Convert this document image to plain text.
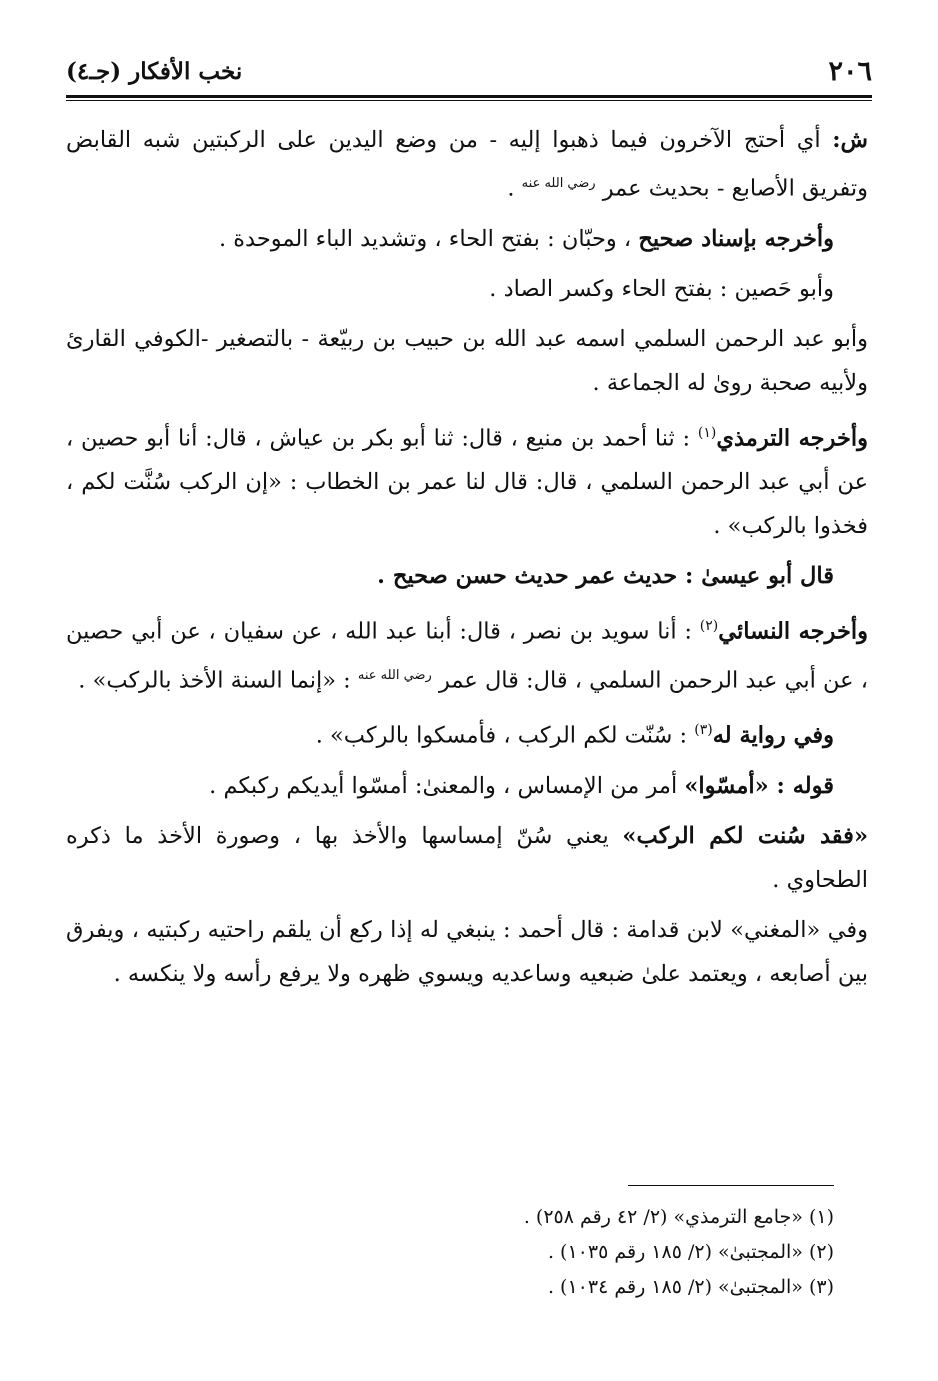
٢٠٦
نخب الأفكار (جـ٤)

ش: أي أحتج الآخرون فيما ذهبوا إليه - من وضع اليدين على الركبتين شبه القابض وتفريق الأصابع - بحديث عمر $^{رضي الله عنه}$ .

وأخرجه بإسناد صحيح ، وحبّان : بفتح الحاء ، وتشديد الباء الموحدة .

وأبو حَصين : بفتح الحاء وكسر الصاد .

وأبو عبد الرحمن السلمي اسمه عبد الله بن حبيب بن ربيّعة - بالتصغير -الكوفي القارئ ولأبيه صحبة روىٰ له الجماعة .

وأخرجه الترمذي$^{(١)}$ : ثنا أحمد بن منيع ، قال: ثنا أبو بكر بن عياش ، قال: أنا أبو حصين ، عن أبي عبد الرحمن السلمي ، قال: قال لنا عمر بن الخطاب : «إن الركب سُنَّت لكم ، فخذوا بالركب» .

قال أبو عيسىٰ : حديث عمر حديث حسن صحيح .

وأخرجه النسائي$^{(٢)}$ : أنا سويد بن نصر ، قال: أبنا عبد الله ، عن سفيان ، عن أبي حصين ، عن أبي عبد الرحمن السلمي ، قال: قال عمر $^{رضي الله عنه}$ : «إنما السنة الأخذ بالركب» .

وفي رواية له$^{(٣)}$ : سُنّت لكم الركب ، فأمسكوا بالركب» .

قوله : «أمسّوا» أمر من الإمساس ، والمعنىٰ: أمسّوا أيديكم ركبكم .

«فقد سُنت لكم الركب» يعني سُنّ إمساسها والأخذ بها ، وصورة الأخذ ما ذكره الطحاوي .

وفي «المغني» لابن قدامة : قال أحمد : ينبغي له إذا ركع أن يلقم راحتيه ركبتيه ، ويفرق بين أصابعه ، ويعتمد علىٰ ضبعيه وساعديه ويسوي ظهره ولا يرفع رأسه ولا ينكسه .

(١) «جامع الترمذي» (٢/ ٤٢ رقم ٢٥٨) .

(٢) «المجتبىٰ» (٢/ ١٨٥ رقم ١٠٣٥) .

(٣) «المجتبىٰ» (٢/ ١٨٥ رقم ١٠٣٤) .
